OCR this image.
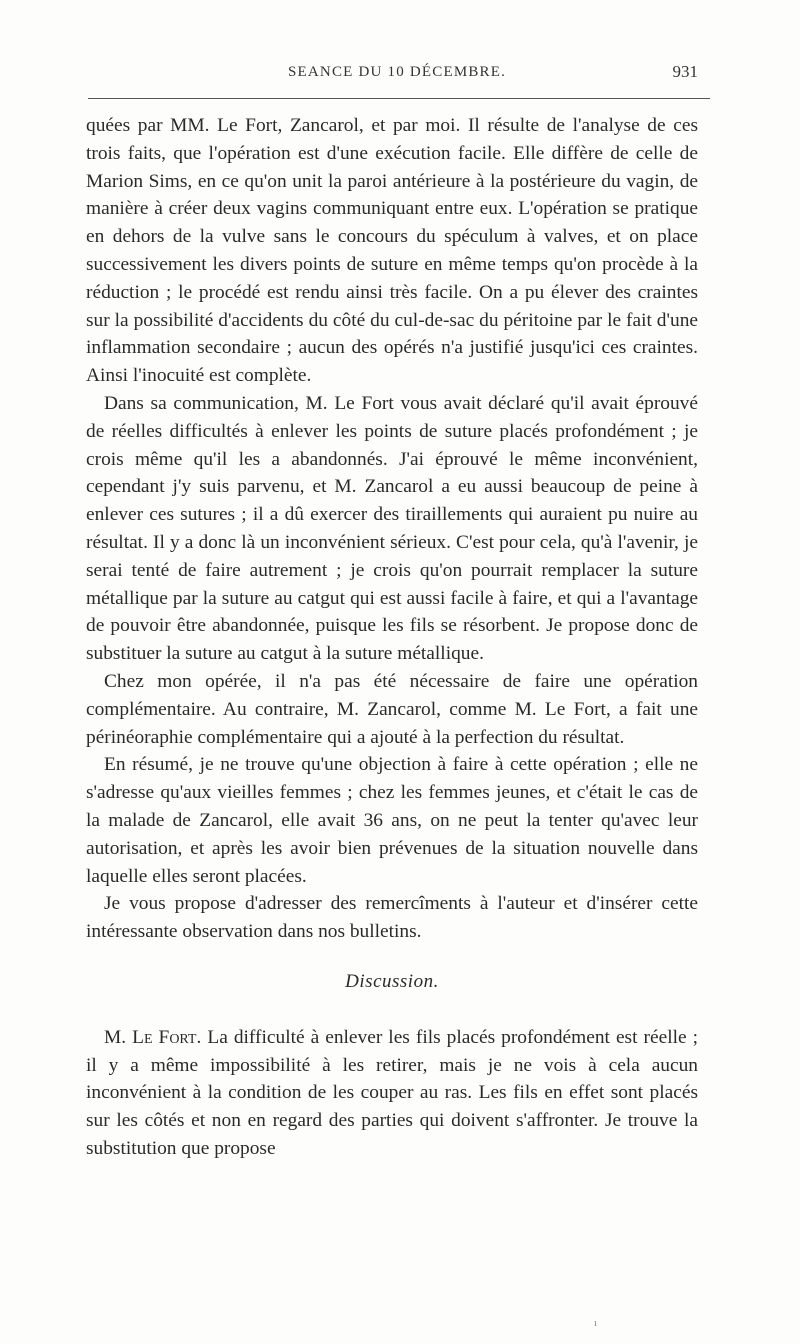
SEANCE DU 10 DÉCEMBRE.	931

quées par MM. Le Fort, Zancarol, et par moi. Il résulte de l'analyse de ces trois faits, que l'opération est d'une exécution facile. Elle diffère de celle de Marion Sims, en ce qu'on unit la paroi antérieure à la postérieure du vagin, de manière à créer deux vagins communiquant entre eux. L'opération se pratique en dehors de la vulve sans le concours du spéculum à valves, et on place successivement les divers points de suture en même temps qu'on procède à la réduction ; le procédé est rendu ainsi très facile. On a pu élever des craintes sur la possibilité d'accidents du côté du cul-de-sac du péritoine par le fait d'une inflammation secondaire ; aucun des opérés n'a justifié jusqu'ici ces craintes. Ainsi l'inocuité est complète.

Dans sa communication, M. Le Fort vous avait déclaré qu'il avait éprouvé de réelles difficultés à enlever les points de suture placés profondément ; je crois même qu'il les a abandonnés. J'ai éprouvé le même inconvénient, cependant j'y suis parvenu, et M. Zancarol a eu aussi beaucoup de peine à enlever ces sutures ; il a dû exercer des tiraillements qui auraient pu nuire au résultat. Il y a donc là un inconvénient sérieux. C'est pour cela, qu'à l'avenir, je serai tenté de faire autrement ; je crois qu'on pourrait remplacer la suture métallique par la suture au catgut qui est aussi facile à faire, et qui a l'avantage de pouvoir être abandonnée, puisque les fils se résorbent. Je propose donc de substituer la suture au catgut à la suture métallique.

Chez mon opérée, il n'a pas été nécessaire de faire une opération complémentaire. Au contraire, M. Zancarol, comme M. Le Fort, a fait une périnéoraphie complémentaire qui a ajouté à la perfection du résultat.

En résumé, je ne trouve qu'une objection à faire à cette opération ; elle ne s'adresse qu'aux vieilles femmes ; chez les femmes jeunes, et c'était le cas de la malade de Zancarol, elle avait 36 ans, on ne peut la tenter qu'avec leur autorisation, et après les avoir bien prévenues de la situation nouvelle dans laquelle elles seront placées.

Je vous propose d'adresser des remercîments à l'auteur et d'insérer cette intéressante observation dans nos bulletins.

Discussion.

M. Le Fort. La difficulté à enlever les fils placés profondément est réelle ; il y a même impossibilité à les retirer, mais je ne vois à cela aucun inconvénient à la condition de les couper au ras. Les fils en effet sont placés sur les côtés et non en regard des parties qui doivent s'affronter. Je trouve la substitution que propose

ı
